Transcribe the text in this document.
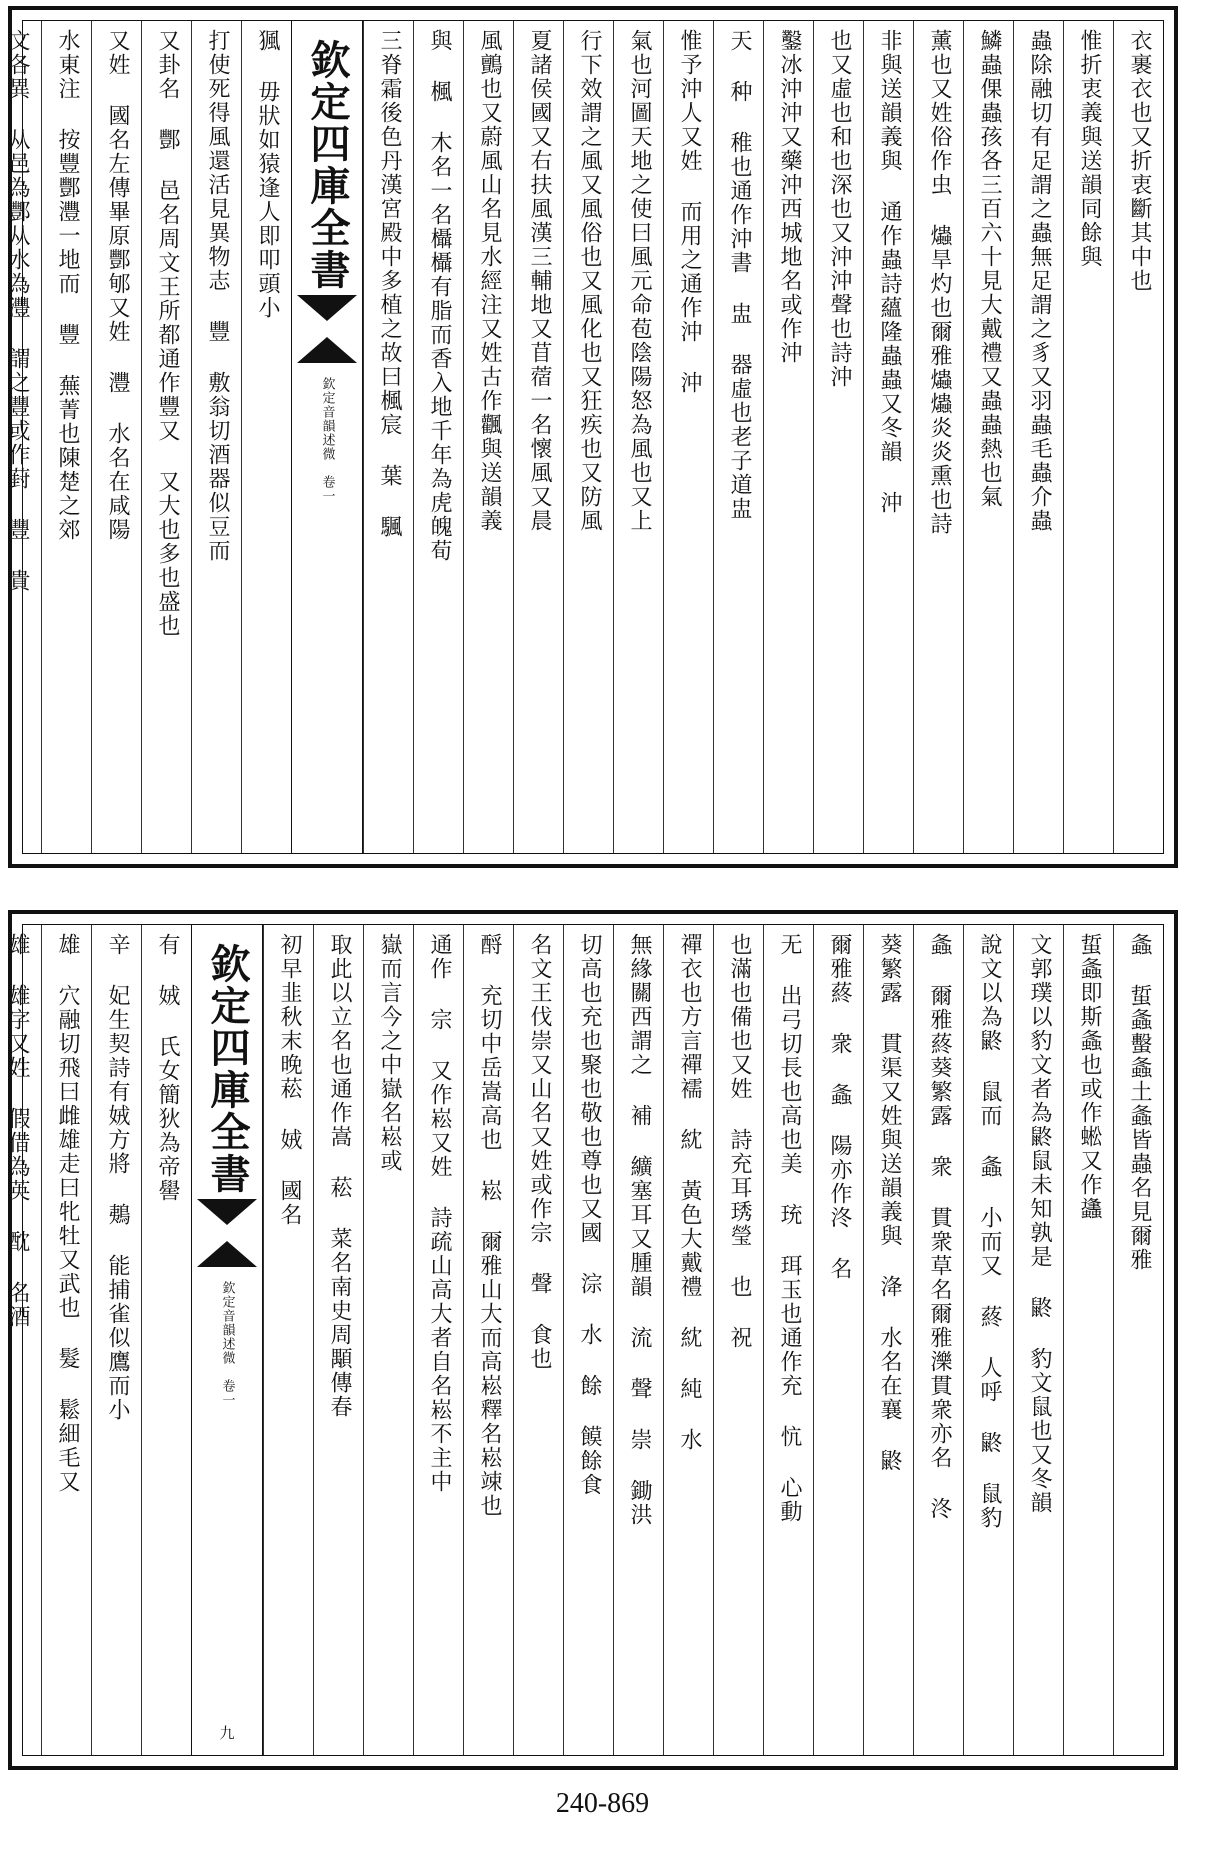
衣裹衣也又折衷斷其中也
惟折衷義與送韻同餘與
蟲除融切有足謂之蟲無足謂之豸又羽蟲毛蟲介蟲
鱗蟲倮蟲孩各三百六十見大戴禮又蟲蟲熱也氣
薰也又姓俗作虫 爞旱灼也爾雅爞爞炎炎熏也詩
非與送韻義與 通作蟲詩蘊隆蟲蟲又冬韻 沖
也又虛也和也深也又沖沖聲也詩沖
鑿冰沖沖又藥沖西城地名或作沖
天 种 稚也通作沖書 盅 器虛也老子道盅
惟予沖人又姓 而用之通作沖 沖
氣也河圖天地之使曰風元命苞陰陽怒為風也又上
行下效謂之風又風俗也又風化也又狂疾也又防風
夏諸侯國又右扶風漢三輔地又苜蓿一名懷風又晨
風鸇也又蔚風山名見水經注又姓古作飌與送韻義
與 楓 木名一名欇欇有脂而香入地千年為虎魄荀
三脊霜後色丹漢宮殿中多植之故曰楓宸 葉 颿
欽定四庫全書
欽定音韻述微
卷一
猦 毋狀如猿逢人即叩頭小
打使死得風還活見異物志 豐 敷翁切酒器似豆而
又卦名 酆 邑名周文王所都通作豐又 又大也多也盛也
又姓 國名左傳畢原酆郇又姓 灃 水名在咸陽
水東注 按豐酆灃一地而 豐 蕪菁也陳楚之郊
文各異 从邑為酆从水為灃 謂之豐或作葑 豐 貴
螽 蜇螽蟿螽土螽皆蟲名見爾雅
蜇螽即斯螽也或作蜙又作蠭
文郭璞以豹文者為鼨鼠未知孰是 鼨 豹文鼠也又冬韻
說文以為鼨 鼠而 螽 小而又 蔠 人呼 鼨 鼠豹
螽 爾雅蔠葵繁露 衆 貫衆草名爾雅濼貫衆亦名 泈
葵繁露 貫渠又姓與送韻義與 洚 水名在襄 鼨
爾雅蔠 衆 螽 陽亦作泈 名
无 出弓切長也高也美 珫 珥玉也通作充 忼 心動
也滿也備也又姓 詩充耳琇瑩 也 祝
禪衣也方言禪襦 紞 黃色大戴禮 紞 純 水
無緣關西謂之 補 纊塞耳又腫韻 流 聲 崇 鋤洪
切高也充也聚也敬也尊也又國 淙 水 餘 饃餘食
名文王伐崇又山名又姓或作宗 聲 食也
酹 充切中岳嵩高也 崧 爾雅山大而高崧釋名崧竦也
通作 宗 又作崧又姓 詩疏山高大者自名崧不主中
嶽而言今之中嶽名崧或
取此以立名也通作嵩 菘 菜名南史周顒傳春
初早韭秋末晚菘 娀 國名
欽定四庫全書
欽定音韻述微
卷一
九
有 娀 氏女簡狄為帝嚳
辛 妃生契詩有娀方將 鴺 能捕雀似鷹而小
雄 穴融切飛曰雌雄走曰牝牡又武也 髮 鬆細毛又
雄 雄字又姓 假借為英 酖 名酒
240-869
